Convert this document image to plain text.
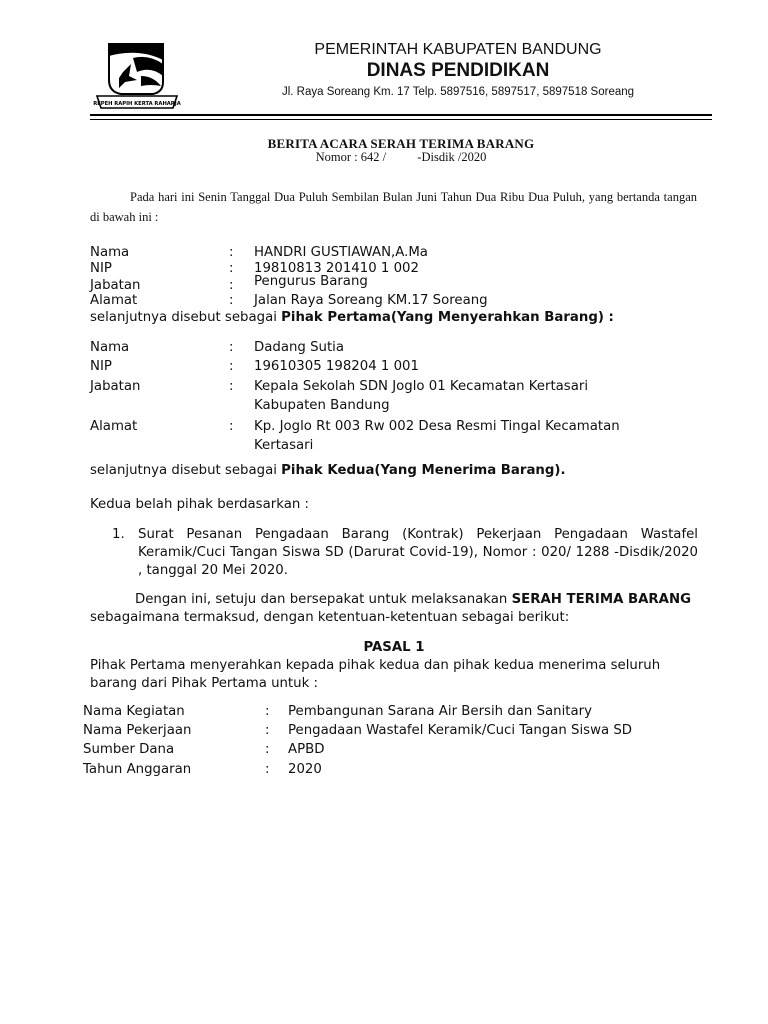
REPEH RAPIH KERTA RAHARJA
PEMERINTAH KABUPATEN BANDUNG
DINAS PENDIDIKAN
Jl. Raya Soreang Km. 17 Telp. 5897516, 5897517, 5897518 Soreang
BERITA ACARA SERAH TERIMA BARANG
Nomor : 642 /          -Disdik /2020
Pada hari ini Senin Tanggal Dua Puluh Sembilan Bulan Juni Tahun Dua Ribu Dua Puluh, yang bertanda tangan di bawah ini :
Nama	: HANDRI GUSTIAWAN,A.Ma
NIP	: 19810813 201410 1 002
Jabatan	: Pengurus Barang
Alamat	: Jalan Raya Soreang KM.17 Soreang
selanjutnya disebut sebagai Pihak Pertama(Yang Menyerahkan Barang) :
Nama	: Dadang Sutia
NIP	: 19610305 198204 1 001
Jabatan	: Kepala Sekolah SDN Joglo 01 Kecamatan Kertasari
Kabupaten Bandung
Alamat	: Kp. Joglo Rt 003 Rw 002 Desa Resmi Tingal Kecamatan
Kertasari
selanjutnya disebut sebagai Pihak Kedua(Yang Menerima Barang).
Kedua belah pihak berdasarkan :
1. Surat Pesanan Pengadaan Barang (Kontrak) Pekerjaan Pengadaan Wastafel Keramik/Cuci Tangan Siswa SD (Darurat Covid-19), Nomor : 020/ 1288 -Disdik/2020 , tanggal 20 Mei 2020.
Dengan ini, setuju dan bersepakat untuk melaksanakan SERAH TERIMA BARANG sebagaimana termaksud, dengan ketentuan-ketentuan sebagai berikut:
PASAL 1
Pihak Pertama menyerahkan kepada pihak kedua dan pihak kedua menerima seluruh barang dari Pihak Pertama untuk :
Nama Kegiatan	: Pembangunan Sarana Air Bersih dan Sanitary
Nama Pekerjaan	: Pengadaan Wastafel Keramik/Cuci Tangan Siswa SD
Sumber Dana	: APBD
Tahun Anggaran	: 2020
